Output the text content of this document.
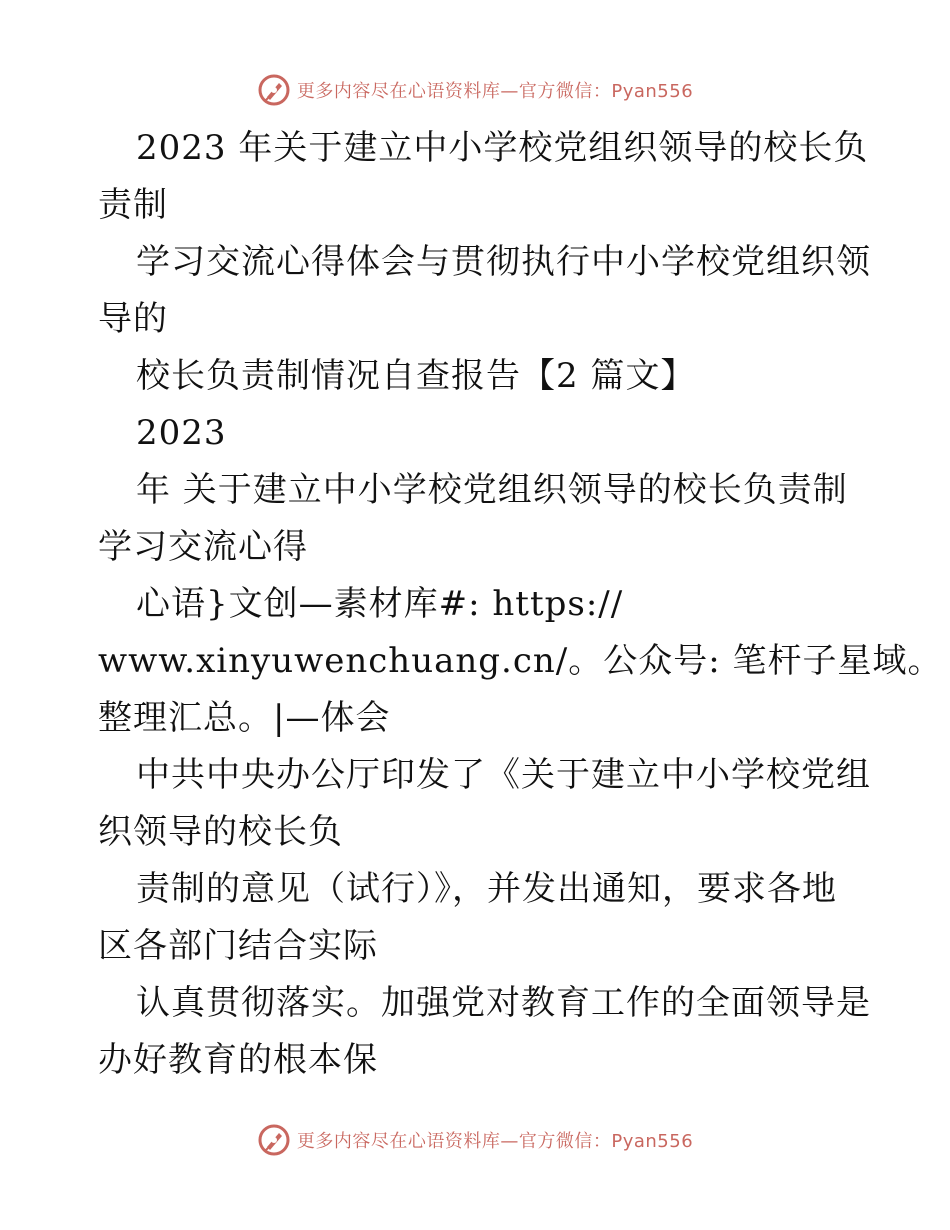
更多内容尽在心语资料库—官方微信：Pyan556
2023 年关于建立中小学校党组织领导的校长负
责制
学习交流心得体会与贯彻执行中小学校党组织领
导的
校长负责制情况自查报告【2 篇文】
2023
年 关于建立中小学校党组织领导的校长负责制
学习交流心得
心语}文创—素材库#: https://
www.xinyuwenchuang.cn/。公众号: 笔杆子星域。
整理汇总。|—体会
中共中央办公厅印发了《关于建立中小学校党组
织领导的校长负
责制的意见（试行）》，并发出通知，要求各地
区各部门结合实际
认真贯彻落实。加强党对教育工作的全面领导是
办好教育的根本保
更多内容尽在心语资料库—官方微信：Pyan556
